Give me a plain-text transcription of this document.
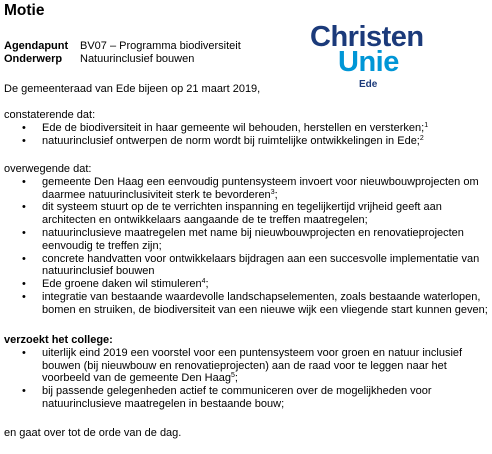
Motie
Agendapunt BV07 – Programma biodiversiteit
Onderwerp Natuurinclusief bouwen
Christen
Unie
Ede
De gemeenteraad van Ede bijeen op 21 maart 2019,
constaterende dat:
• Ede de biodiversiteit in haar gemeente wil behouden, herstellen en versterken;$^1$
• natuurinclusief ontwerpen de norm wordt bij ruimtelijke ontwikkelingen in Ede;$^2$
overwegende dat:
• gemeente Den Haag een eenvoudig puntensysteem invoert voor nieuwbouwprojecten om daarmee natuurinclusiviteit sterk te bevorderen$^3$;
• dit systeem stuurt op de te verrichten inspanning en tegelijkertijd vrijheid geeft aan architecten en ontwikkelaars aangaande de te treffen maatregelen;
• natuurinclusieve maatregelen met name bij nieuwbouwprojecten en renovatieprojecten eenvoudig te treffen zijn;
• concrete handvatten voor ontwikkelaars bijdragen aan een succesvolle implementatie van natuurinclusief bouwen
• Ede groene daken wil stimuleren$^4$;
• integratie van bestaande waardevolle landschapselementen, zoals bestaande waterlopen, bomen en struiken, de biodiversiteit van een nieuwe wijk een vliegende start kunnen geven;
verzoekt het college:
• uiterlijk eind 2019 een voorstel voor een puntensysteem voor groen en natuur inclusief bouwen (bij nieuwbouw en renovatieprojecten) aan de raad voor te leggen naar het voorbeeld van de gemeente Den Haag$^5$;
• bij passende gelegenheden actief te communiceren over de mogelijkheden voor natuurinclusieve maatregelen in bestaande bouw;
en gaat over tot de orde van de dag.
